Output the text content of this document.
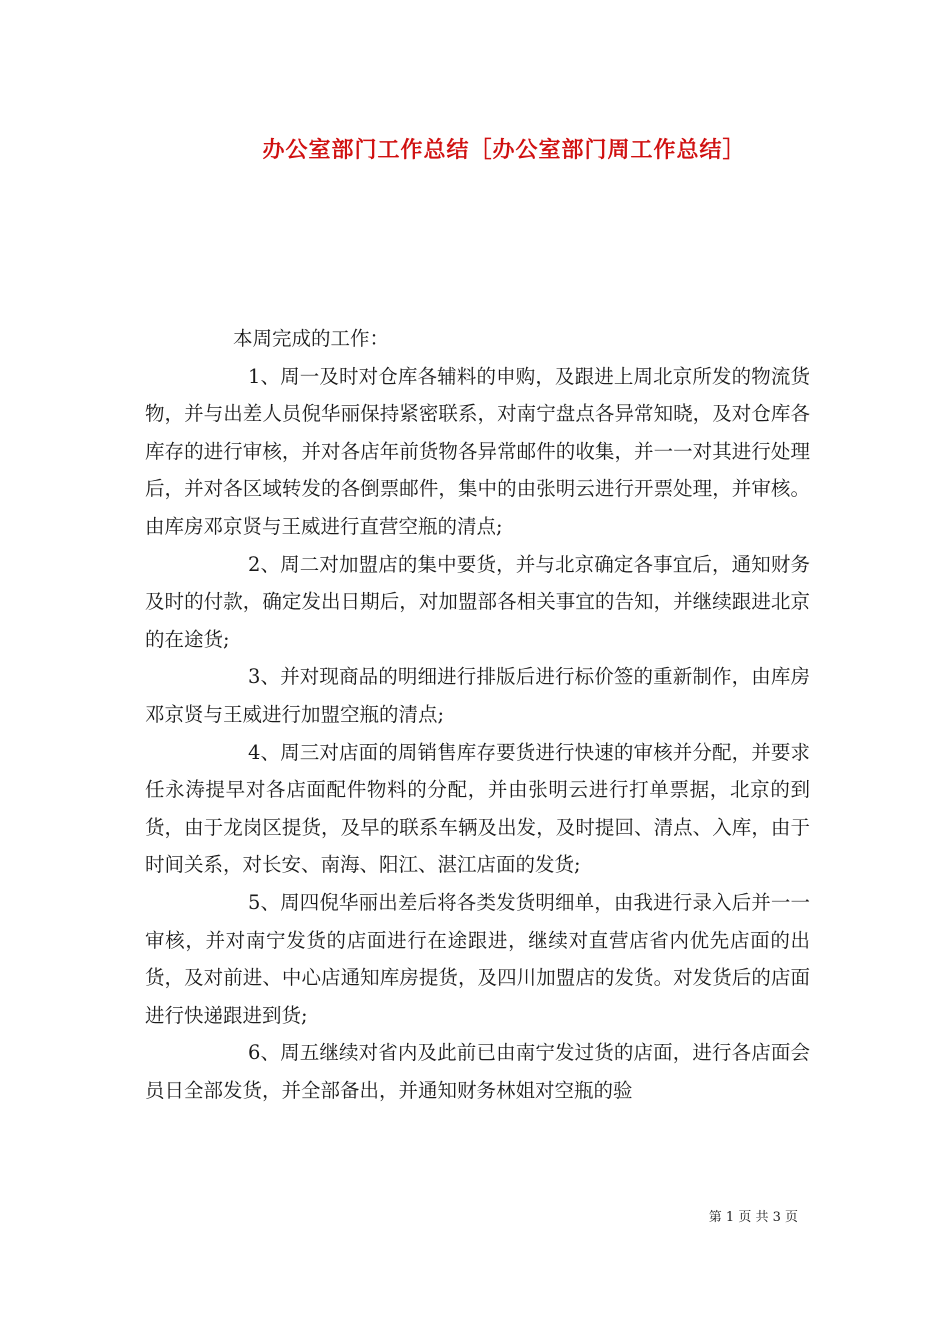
办公室部门工作总结［办公室部门周工作总结］

本周完成的工作：

1、周一及时对仓库各辅料的申购，及跟进上周北京所发的物流货物，并与出差人员倪华丽保持紧密联系，对南宁盘点各异常知晓，及对仓库各库存的进行审核，并对各店年前货物各异常邮件的收集，并一一对其进行处理后，并对各区域转发的各倒票邮件，集中的由张明云进行开票处理，并审核。由库房邓京贤与王威进行直营空瓶的清点;

2、周二对加盟店的集中要货，并与北京确定各事宜后，通知财务及时的付款，确定发出日期后，对加盟部各相关事宜的告知，并继续跟进北京的在途货;

3、并对现商品的明细进行排版后进行标价签的重新制作，由库房邓京贤与王威进行加盟空瓶的清点;

4、周三对店面的周销售库存要货进行快速的审核并分配，并要求任永涛提早对各店面配件物料的分配，并由张明云进行打单票据，北京的到货，由于龙岗区提货，及早的联系车辆及出发，及时提回、清点、入库，由于时间关系，对长安、南海、阳江、湛江店面的发货;

5、周四倪华丽出差后将各类发货明细单，由我进行录入后并一一审核，并对南宁发货的店面进行在途跟进，继续对直营店省内优先店面的出货，及对前进、中心店通知库房提货，及四川加盟店的发货。对发货后的店面进行快递跟进到货;

6、周五继续对省内及此前已由南宁发过货的店面，进行各店面会员日全部发货，并全部备出，并通知财务林姐对空瓶的验

第 1 页 共 3 页
